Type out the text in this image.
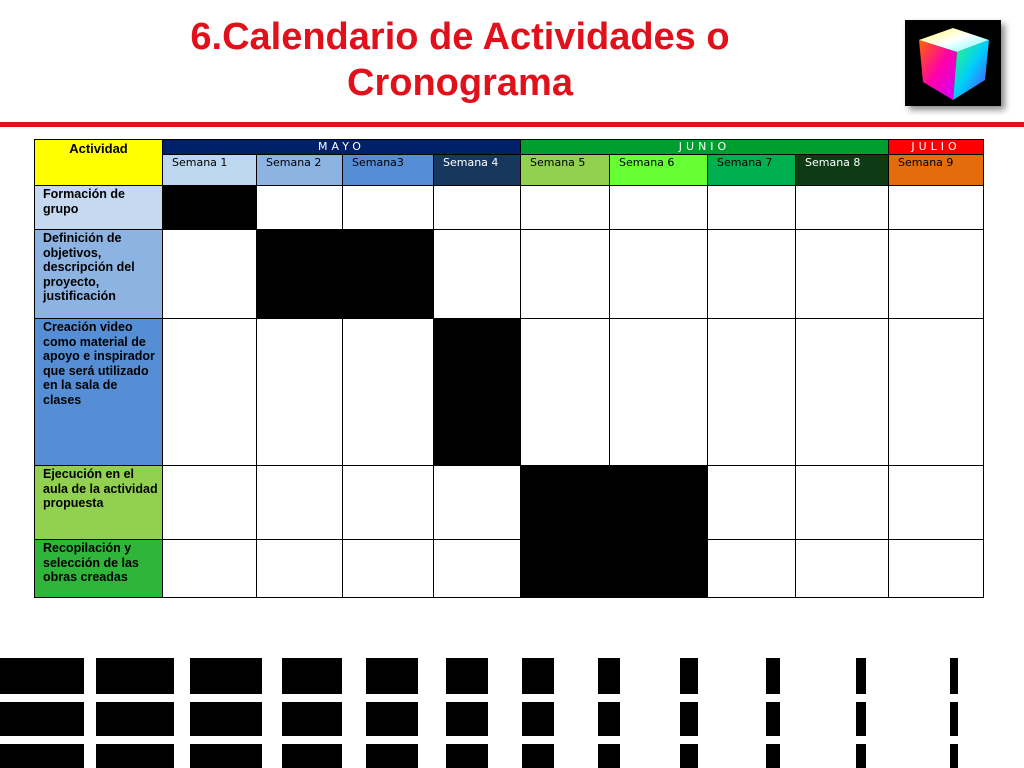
6.Calendario de Actividades o
Cronograma
Actividad	MAYO				JUNIO				JULIO
	Semana 1	Semana 2	Semana3	Semana 4	Semana 5	Semana 6	Semana 7	Semana 8	Semana 9
Formación de grupo									
Definición de objetivos, descripción del proyecto, justificación									
Creación video como material de apoyo e inspirador que será utilizado en la sala de clases									
Ejecución en el aula de la actividad propuesta									
Recopilación y selección de las obras creadas									
